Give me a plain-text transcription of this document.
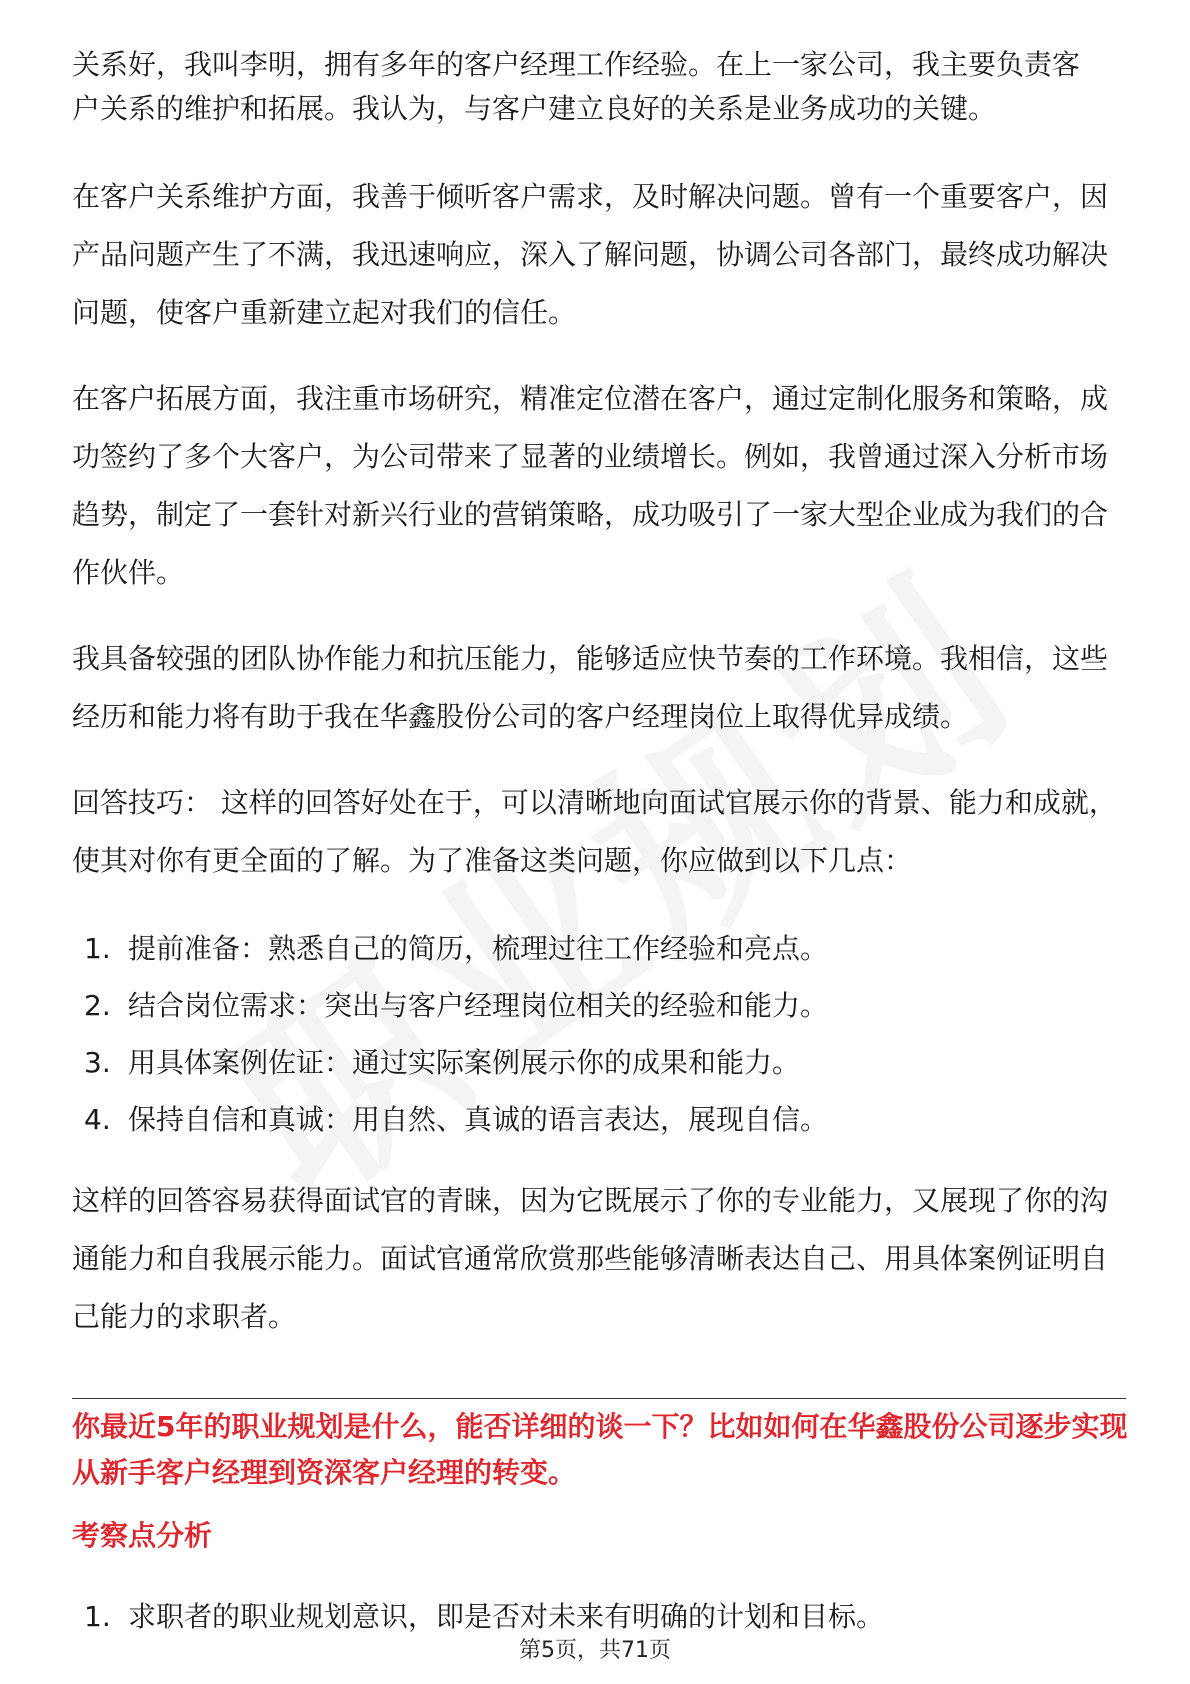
关系好，我叫李明，拥有多年的客户经理工作经验。在上一家公司，我主要负责客

户关系的维护和拓展。我认为，与客户建立良好的关系是业务成功的关键。

在客户关系维护方面，我善于倾听客户需求，及时解决问题。曾有一个重要客户，因产品问题产生了不满，我迅速响应，深入了解问题，协调公司各部门，最终成功解决问题，使客户重新建立起对我们的信任。

在客户拓展方面，我注重市场研究，精准定位潜在客户，通过定制化服务和策略，成功签约了多个大客户，为公司带来了显著的业绩增长。例如，我曾通过深入分析市场趋势，制定了一套针对新兴行业的营销策略，成功吸引了一家大型企业成为我们的合作伙伴。

我具备较强的团队协作能力和抗压能力，能够适应快节奏的工作环境。我相信，这些经历和能力将有助于我在华鑫股份公司的客户经理岗位上取得优异成绩。

回答技巧： 这样的回答好处在于，可以清晰地向面试官展示你的背景、能力和成就，使其对你有更全面的了解。为了准备这类问题，你应做到以下几点：

1. 提前准备：熟悉自己的简历，梳理过往工作经验和亮点。
2. 结合岗位需求：突出与客户经理岗位相关的经验和能力。
3. 用具体案例佐证：通过实际案例展示你的成果和能力。
4. 保持自信和真诚：用自然、真诚的语言表达，展现自信。

这样的回答容易获得面试官的青睐，因为它既展示了你的专业能力，又展现了你的沟通能力和自我展示能力。面试官通常欣赏那些能够清晰表达自己、用具体案例证明自己能力的求职者。

你最近5年的职业规划是什么，能否详细的谈一下？比如如何在华鑫股份公司逐步实现从新手客户经理到资深客户经理的转变。

考察点分析

1. 求职者的职业规划意识，即是否对未来有明确的计划和目标。
第5页，共71页
